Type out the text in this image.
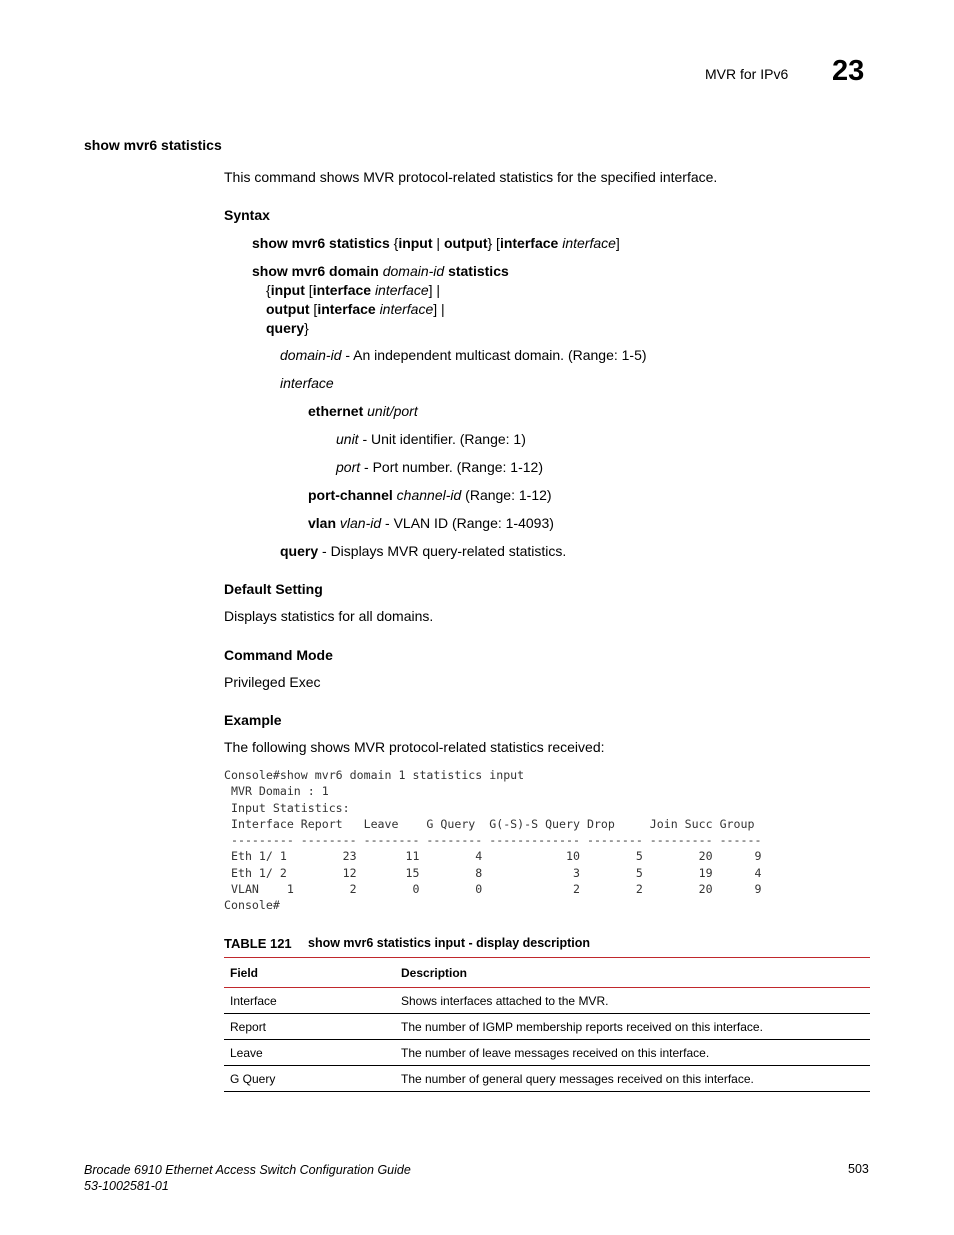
MVR for IPv6 23
show mvr6 statistics
This command shows MVR protocol-related statistics for the specified interface.
Syntax
show mvr6 statistics {input | output} [interface interface]
show mvr6 domain domain-id statistics
{input [interface interface] |
output [interface interface] |
query}
domain-id - An independent multicast domain. (Range: 1-5)
interface
ethernet unit/port
unit - Unit identifier. (Range: 1)
port - Port number. (Range: 1-12)
port-channel channel-id (Range: 1-12)
vlan vlan-id - VLAN ID (Range: 1-4093)
query - Displays MVR query-related statistics.
Default Setting
Displays statistics for all domains.
Command Mode
Privileged Exec
Example
The following shows MVR protocol-related statistics received:
Console#show mvr6 domain 1 statistics input
MVR Domain : 1
Input Statistics:
Interface Report   Leave    G Query  G(-S)-S Query Drop     Join Succ Group
--------- -------- -------- -------- ------------- -------- --------- ------
Eth 1/ 1        23       11        4            10        5        20      9
Eth 1/ 2        12       15        8             3        5        19      4
VLAN    1        2        0        0             2        2        20      9
Console#
TABLE 121 show mvr6 statistics input - display description
Field	Description
Interface	Shows interfaces attached to the MVR.
Report	The number of IGMP membership reports received on this interface.
Leave	The number of leave messages received on this interface.
G Query	The number of general query messages received on this interface.
Brocade 6910 Ethernet Access Switch Configuration Guide
53-1002581-01
503
